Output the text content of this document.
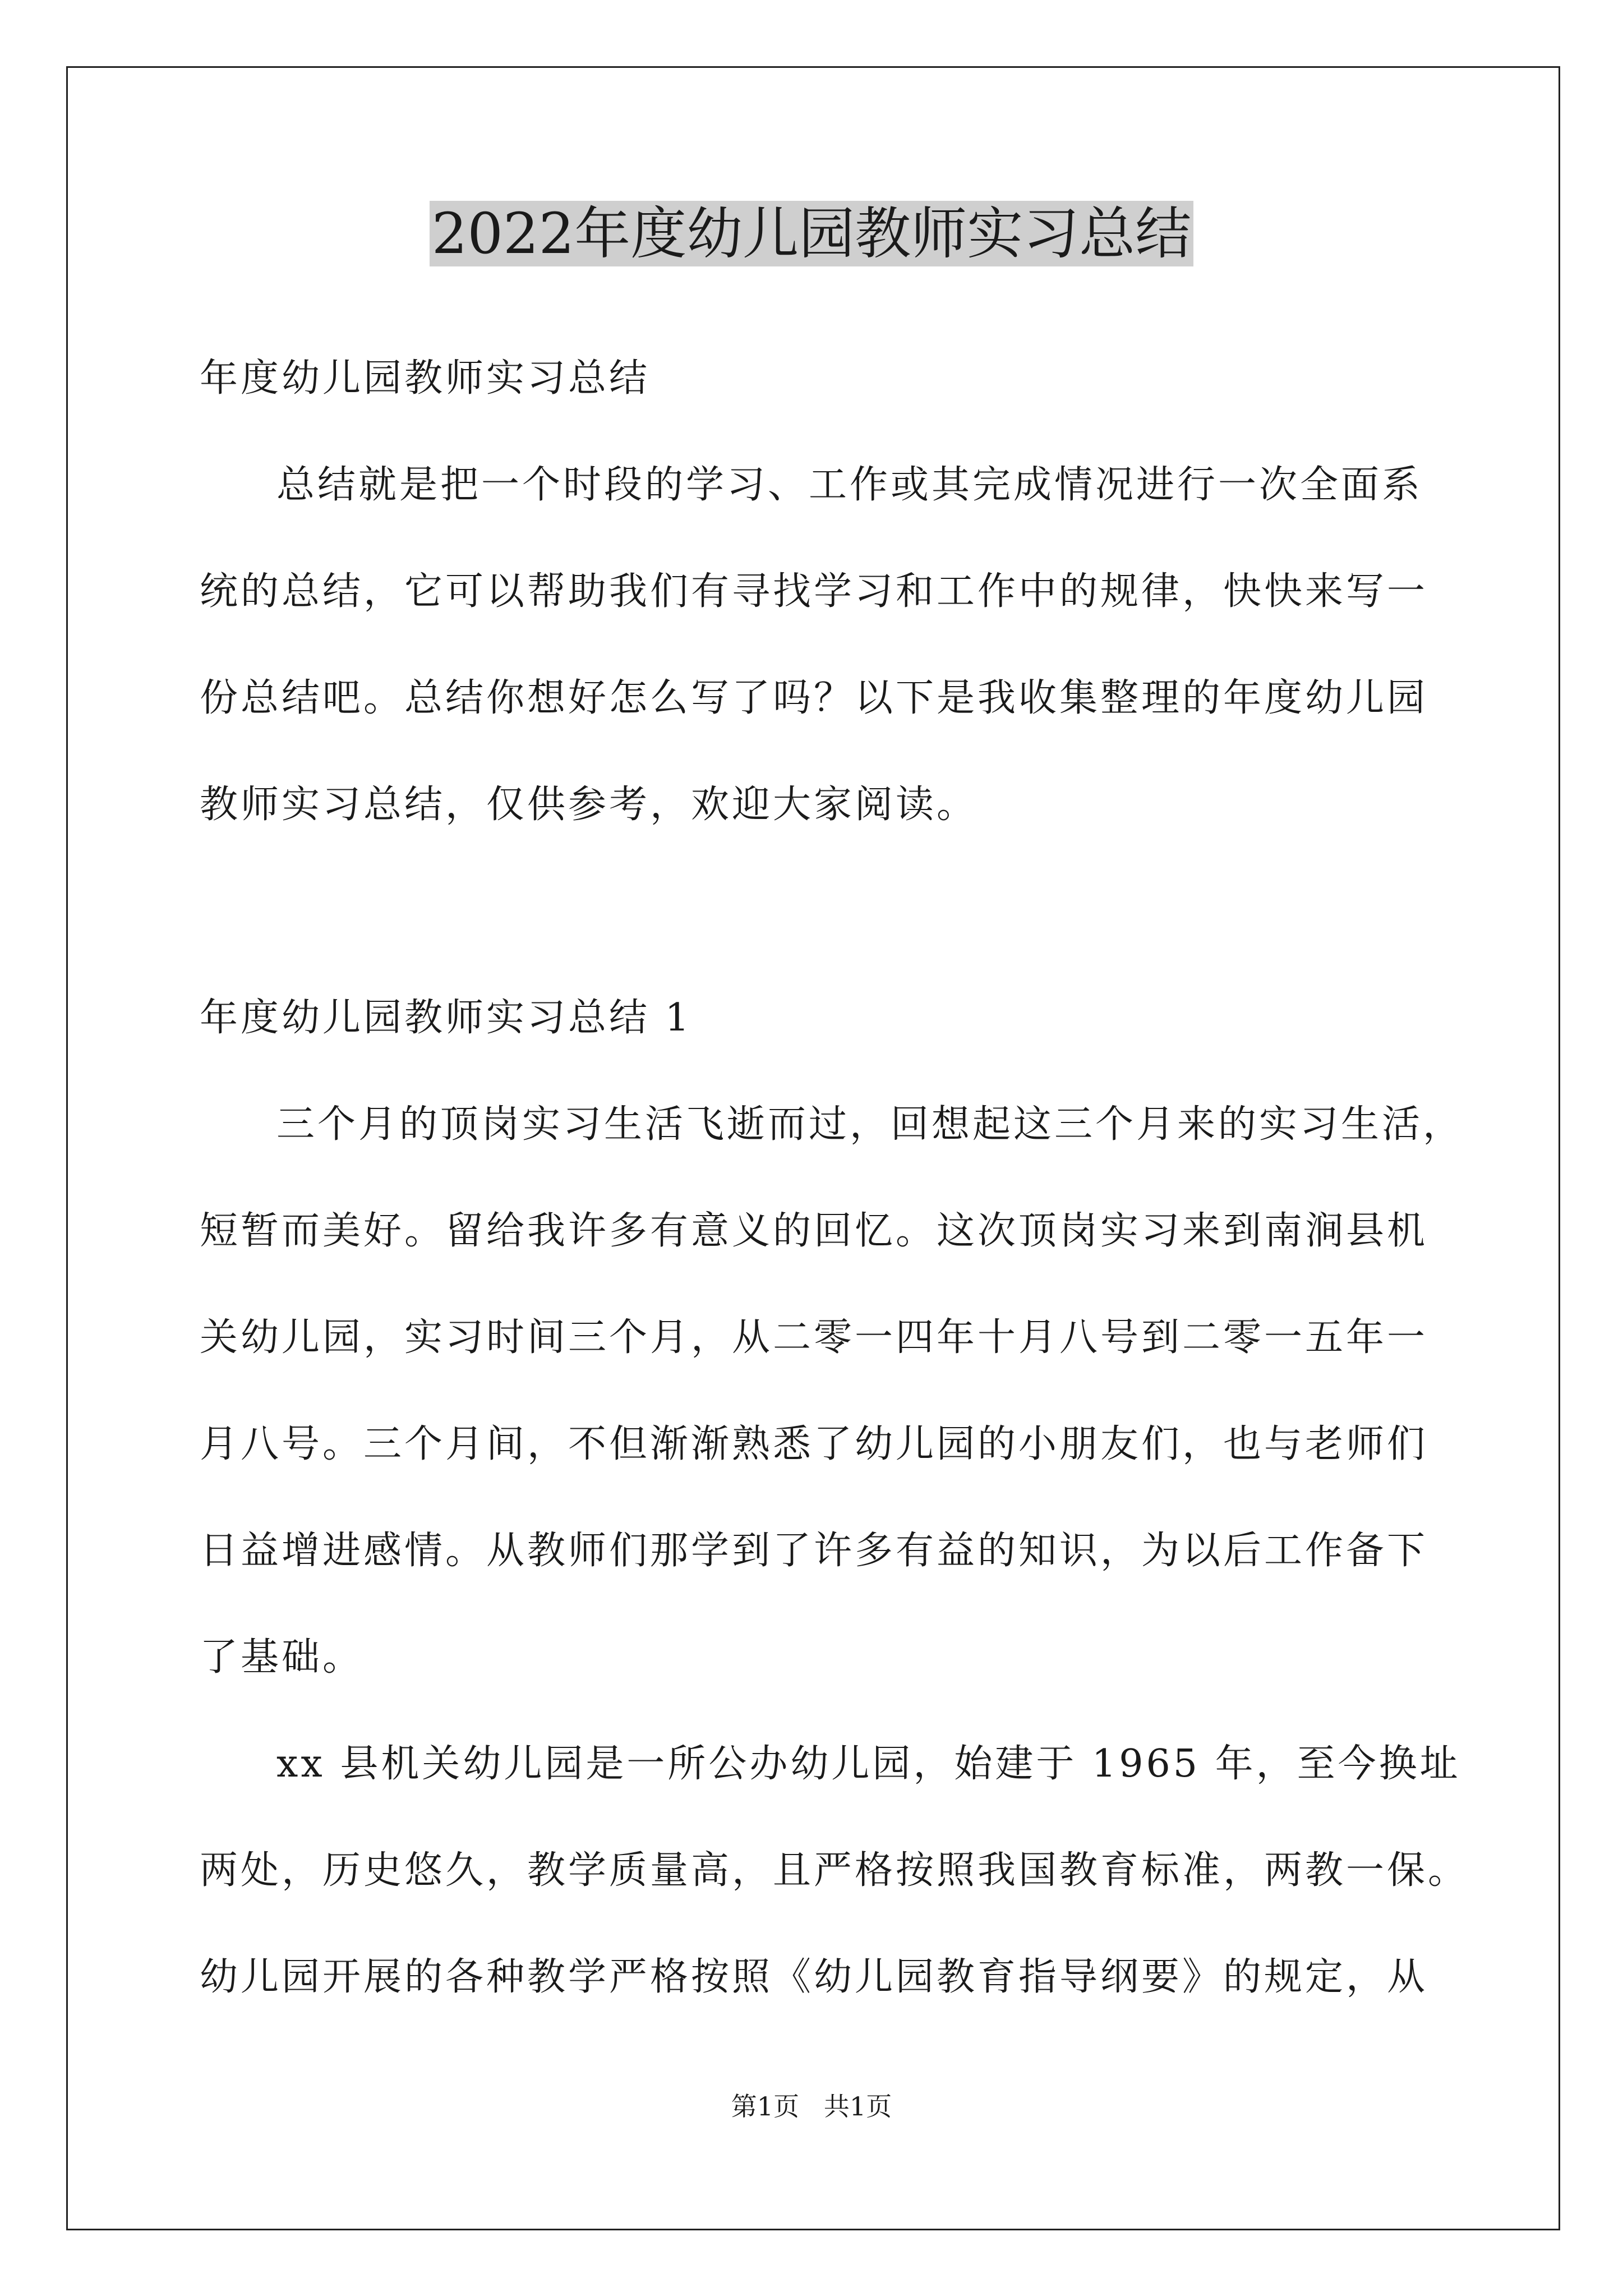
2022年度幼儿园教师实习总结
年度幼儿园教师实习总结
总结就是把一个时段的学习、工作或其完成情况进行一次全面系
统的总结，它可以帮助我们有寻找学习和工作中的规律，快快来写一
份总结吧。总结你想好怎么写了吗？以下是我收集整理的年度幼儿园
教师实习总结，仅供参考，欢迎大家阅读。
年度幼儿园教师实习总结 1
三个月的顶岗实习生活飞逝而过，回想起这三个月来的实习生活，
短暂而美好。留给我许多有意义的回忆。这次顶岗实习来到南涧县机
关幼儿园，实习时间三个月，从二零一四年十月八号到二零一五年一
月八号。三个月间，不但渐渐熟悉了幼儿园的小朋友们，也与老师们
日益增进感情。从教师们那学到了许多有益的知识，为以后工作备下
了基础。
xx 县机关幼儿园是一所公办幼儿园，始建于 1965 年，至今换址
两处，历史悠久，教学质量高，且严格按照我国教育标准，两教一保。
幼儿园开展的各种教学严格按照《幼儿园教育指导纲要》的规定，从
第1页   共1页
